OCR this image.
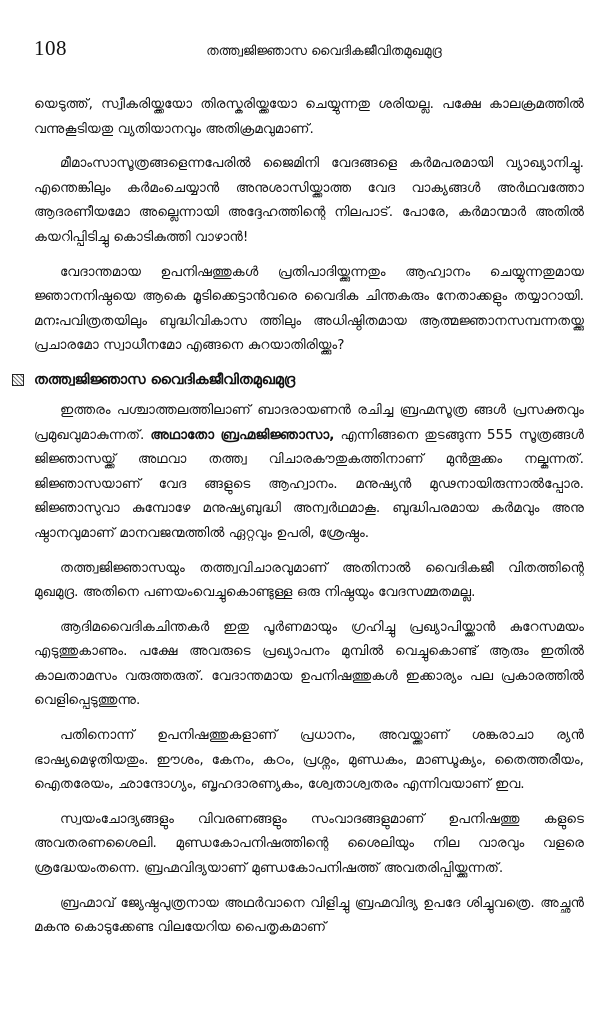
108	തത്ത്വജിജ്ഞാസ വൈദികജീവിതമുഖമുദ്ര

യെടുത്ത്, സ്വീകരിയ്ക്കയോ തിരസ്കരിയ്ക്കയോ ചെയ്യുന്നതു ശരിയല്ല. പക്ഷേ കാലക്രമത്തിൽ വന്നുകൂടിയതു വ്യതിയാനവും അതിക്രമവുമാണ്.

മീമാംസാസൂത്രങ്ങളെന്നപേരിൽ ജൈമിനി വേദങ്ങളെ കർമപരമായി വ്യാഖ്യാനിച്ചു. എന്തെങ്കിലും കർമംചെയ്യാൻ അനുശാസിയ്ക്കാത്ത വേദ വാക്യങ്ങൾ അർഥവത്തോ ആദരണീയമോ അല്ലെന്നായി അദ്ദേഹത്തിന്റെ നിലപാട്. പോരേ, കർമാന്മാർ അതിൽ കയറിപ്പിടിച്ചു കൊടികുത്തി വാഴാൻ!

വേദാന്തമായ ഉപനിഷത്തുകൾ പ്രതിപാദിയ്ക്കുന്നതും ആഹ്വാനം ചെയ്യുന്നതുമായ ജ്ഞാനനിഷ്ഠയെ ആകെ മൂടിക്കെട്ടാൻവരെ വൈദിക ചിന്തകരും നേതാക്കളും തയ്യാറായി. മനഃപവിത്രതയിലും ബുദ്ധിവികാസ ത്തിലും അധിഷ്ഠിതമായ ആത്മജ്ഞാനസമ്പന്നതയ്ക്കു പ്രചാരമോ സ്വാധീനമോ എങ്ങനെ കുറയാതിരിയ്ക്കും?

തത്ത്വജിജ്ഞാസ വൈദികജീവിതമുഖമുദ്ര

ഇത്തരം പശ്ചാത്തലത്തിലാണ് ബാദരായണൻ രചിച്ച ബ്രഹ്മസൂത്ര ങ്ങൾ പ്രസക്തവും പ്രമുഖവുമാകുന്നത്. അഥാതോ ബ്രഹ്മജിജ്ഞാസാ, എന്നിങ്ങനെ തുടങ്ങുന്ന 555 സൂത്രങ്ങൾ ജിജ്ഞാസയ്ക്ക് അഥവാ തത്ത്വ വിചാരകൗതുകത്തിനാണ് മുൻതൂക്കം നല്കുന്നത്. ജിജ്ഞാസയാണ് വേദ ങ്ങളുടെ ആഹ്വാനം. മനുഷ്യൻ മുഢനായിരുന്നാൽപ്പോര. ജിജ്ഞാസുവാ കുമ്പോഴേ മനുഷ്യബുദ്ധി അന്വർഥമാകൂ. ബുദ്ധിപരമായ കർമവും അനു ഷ്ഠാനവുമാണ് മാനവജന്മത്തിൽ ഏറ്റവും ഉപരി, ശ്രേഷ്ഠം.

തത്ത്വജിജ്ഞാസയും തത്ത്വവിചാരവുമാണ് അതിനാൽ വൈദികജീ വിതത്തിന്റെ മുഖമുദ്ര. അതിനെ പണയംവെച്ചുകൊണ്ടുള്ള ഒരു നിഷ്ഠയും വേദസമ്മതമല്ല.

ആദിമവൈദികചിന്തകർ ഇതു പൂർണമായും ഗ്രഹിച്ചു പ്രഖ്യാപിയ്ക്കാൻ കുറേസമയം എടുത്തുകാണും. പക്ഷേ അവരുടെ പ്രഖ്യാപനം മുമ്പിൽ വെച്ചുകൊണ്ട് ആരും ഇതിൽ കാലതാമസം വരുത്തരുത്. വേദാന്തമായ ഉപനിഷത്തുകൾ ഇക്കാര്യം പല പ്രകാരത്തിൽ വെളിപ്പെടുത്തുന്നു.

പതിനൊന്ന് ഉപനിഷത്തുകളാണ് പ്രധാനം, അവയ്ക്കാണ് ശങ്കരാചാ ര്യൻ ഭാഷ്യമെഴുതിയതും. ഈശം, കേനം, കഠം, പ്രശ്നം, മുണ്ഡകം, മാണ്ഡൂക്യം, തൈത്തരീയം, ഐതരേയം, ഛാന്ദോഗ്യം, ബൃഹദാരണ്യകം, ശ്വേതാശ്വതരം എന്നിവയാണ് ഇവ.

സ്വയംചോദ്യങ്ങളും വിവരണങ്ങളും സംവാദങ്ങളുമാണ് ഉപനിഷത്തു കളുടെ അവതരണശൈലി. മുണ്ഡകോപനിഷത്തിന്റെ ശൈലിയും നില വാരവും വളരെ ശ്രദ്ധേയംതന്നെ. ബ്രഹ്മവിദ്യയാണ് മുണ്ഡകോപനിഷത്ത് അവതരിപ്പിയ്ക്കുന്നത്.

ബ്രഹ്മാവ് ജ്യേഷ്ഠപുത്രനായ അഥർവാനെ വിളിച്ചു ബ്രഹ്മവിദ്യ ഉപദേ ശിച്ചുവത്രെ. അച്ഛൻ മകനു കൊടുക്കേണ്ട വിലയേറിയ പൈതൃകമാണ്
